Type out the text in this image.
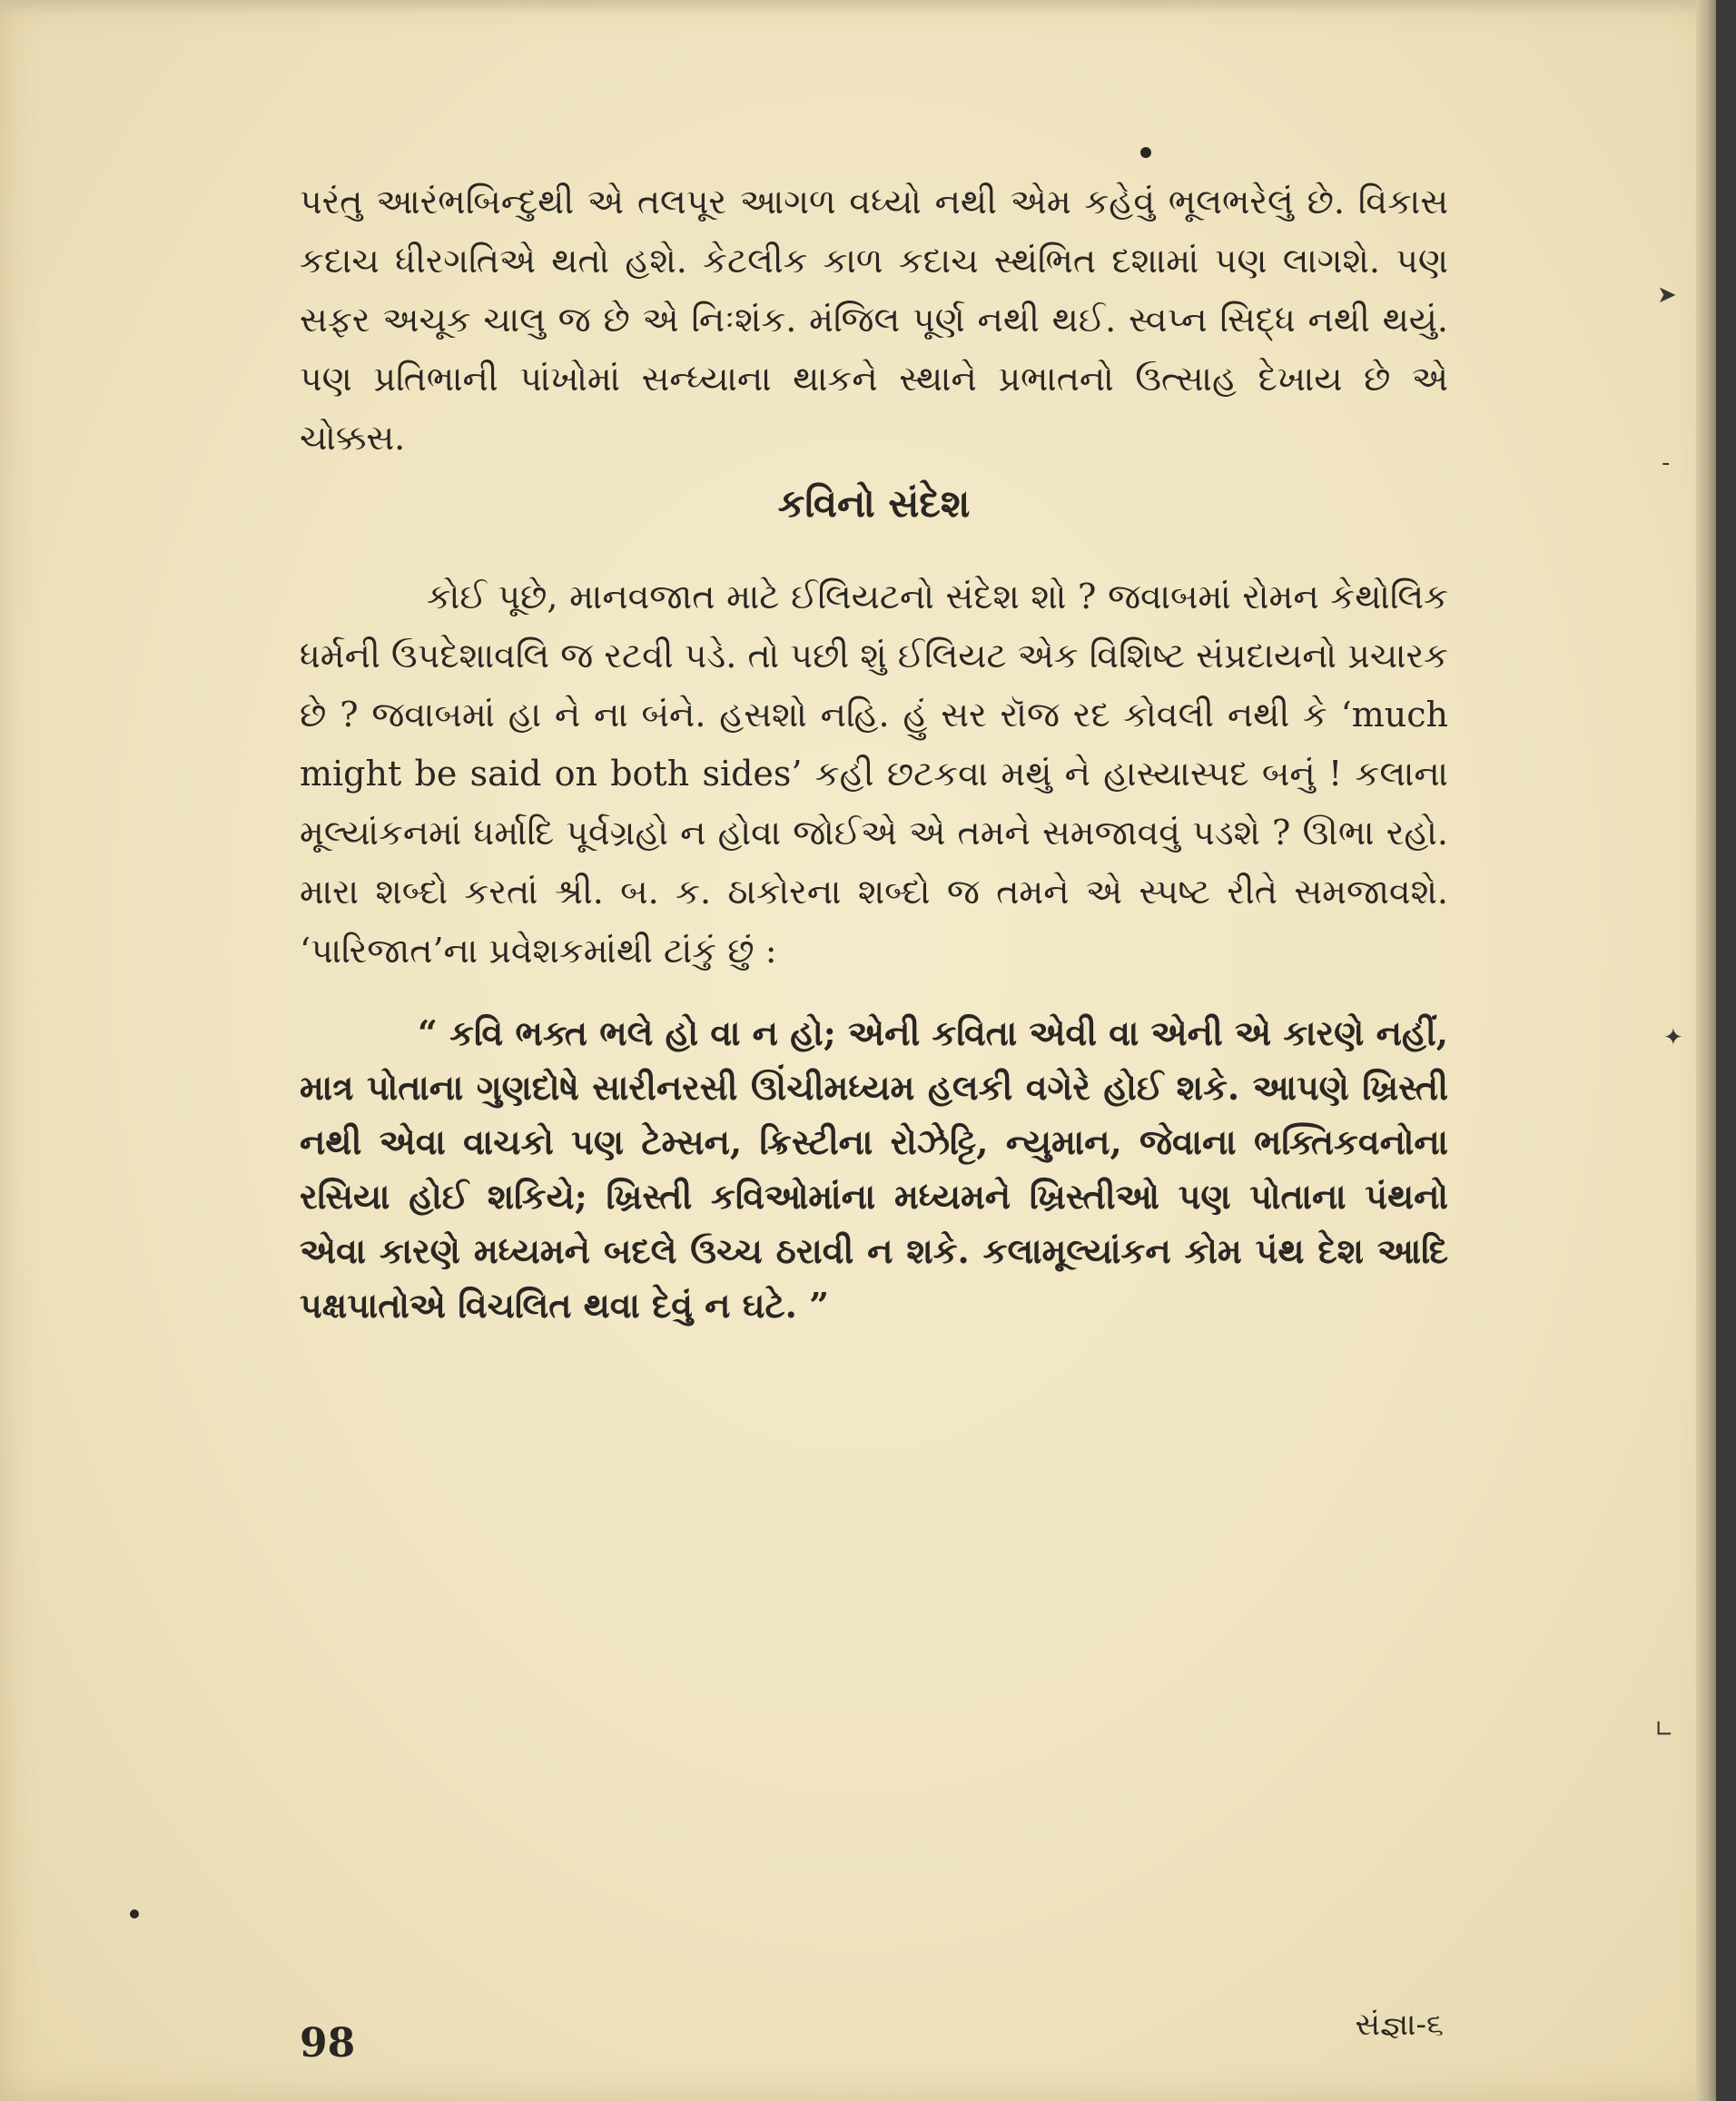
➤
-
✦
∟

પરંતુ આરંભબિન્દુથી એ તલપૂર આગળ વધ્યો નથી એમ કહેવું ભૂલભરેલું છે. વિકાસ કદાચ ધીરગતિએ થતો હશે. કેટલીક કાળ કદાચ સ્થંભિત દશામાં પણ લાગશે. પણ સફર અચૂક ચાલુ જ છે એ નિઃશંક. મંજિલ પૂર્ણ નથી થઈ. સ્વપ્ન સિદ્ધ નથી થયું. પણ પ્રતિભાની પાંખોમાં સન્ધ્યાના થાકને સ્થાને પ્રભાતનો ઉત્સાહ દેખાય છે એ ચોક્કસ.

કવિનો સંદેશ

કોઈ પૂછે, માનવજાત માટે ઈલિયટનો સંદેશ શો ? જવાબમાં રોમન કેથોલિક ધર્મની ઉપદેશાવલિ જ રટવી પડે. તો પછી શું ઈલિયટ એક વિશિષ્ટ સંપ્રદાયનો પ્રચારક છે ? જવાબમાં હા ને ના બંને. હસશો નહિ. હું સર રૉજ રદ કોવલી નથી કે ‘much might be said on both sides’ કહી છટકવા મથું ને હાસ્યાસ્પદ બનું ! કલાના મૂલ્યાંકનમાં ધર્માદિ પૂર્વગ્રહો ન હોવા જોઈએ એ તમને સમજાવવું પડશે ? ઊભા રહો. મારા શબ્દો કરતાં શ્રી. બ. ક. ઠાકોરના શબ્દો જ તમને એ સ્પષ્ટ રીતે સમજાવશે. ‘પારિજાત’ના પ્રવેશકમાંથી ટાંકું છું :

“ કવિ ભક્ત ભલે હો વા ન હો; એની કવિતા એવી વા એની એ કારણે નહીં, માત્ર પોતાના ગુણદોષે સારીનરસી ઊંચીમધ્યમ હલકી વગેરે હોઈ શકે. આપણે ખ્રિસ્તી નથી એવા વાચકો પણ ટેમ્સન, ક્રિસ્ટીના રોઝેટ્ટિ, ન્યુમાન, જેવાના ભક્તિકવનોના રસિયા હોઈ શકિયે; ખ્રિસ્તી કવિઓમાંના મધ્યમને ખ્રિસ્તીઓ પણ પોતાના પંથનો એવા કારણે મધ્યમને બદલે ઉચ્ચ ઠરાવી ન શકે. કલામૂલ્યાંકન કોમ પંથ દેશ આદિ પક્ષપાતોએ વિચલિત થવા દેવું ન ઘટે. ”

98	સંજ્ઞા-૬
